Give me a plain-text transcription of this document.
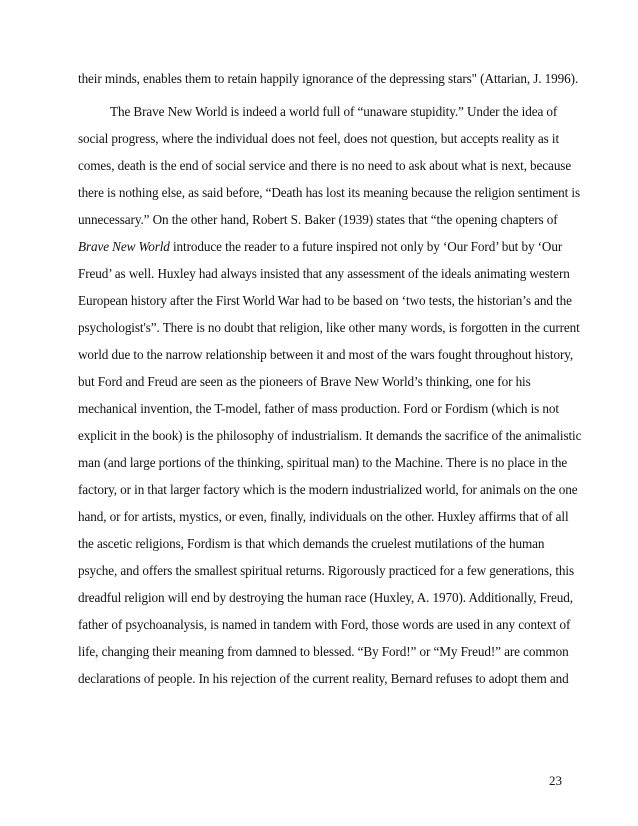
their minds, enables them to retain happily ignorance of the depressing stars" (Attarian, J. 1996).
The Brave New World is indeed a world full of “unaware stupidity.” Under the idea of
social progress, where the individual does not feel, does not question, but accepts reality as it
comes, death is the end of social service and there is no need to ask about what is next, because
there is nothing else, as said before, “Death has lost its meaning because the religion sentiment is
unnecessary.” On the other hand, Robert S. Baker (1939) states that “the opening chapters of
Brave New World introduce the reader to a future inspired not only by ‘Our Ford’ but by ‘Our
Freud’ as well. Huxley had always insisted that any assessment of the ideals animating western
European history after the First World War had to be based on ‘two tests, the historian’s and the
psychologist's”. There is no doubt that religion, like other many words, is forgotten in the current
world due to the narrow relationship between it and most of the wars fought throughout history,
but Ford and Freud are seen as the pioneers of Brave New World’s thinking, one for his
mechanical invention, the T-model, father of mass production. Ford or Fordism (which is not
explicit in the book) is the philosophy of industrialism. It demands the sacrifice of the animalistic
man (and large portions of the thinking, spiritual man) to the Machine. There is no place in the
factory, or in that larger factory which is the modern industrialized world, for animals on the one
hand, or for artists, mystics, or even, finally, individuals on the other. Huxley affirms that of all
the ascetic religions, Fordism is that which demands the cruelest mutilations of the human
psyche, and offers the smallest spiritual returns. Rigorously practiced for a few generations, this
dreadful religion will end by destroying the human race (Huxley, A. 1970). Additionally, Freud,
father of psychoanalysis, is named in tandem with Ford, those words are used in any context of
life, changing their meaning from damned to blessed. “By Ford!” or “My Freud!” are common
declarations of people. In his rejection of the current reality, Bernard refuses to adopt them and
23
